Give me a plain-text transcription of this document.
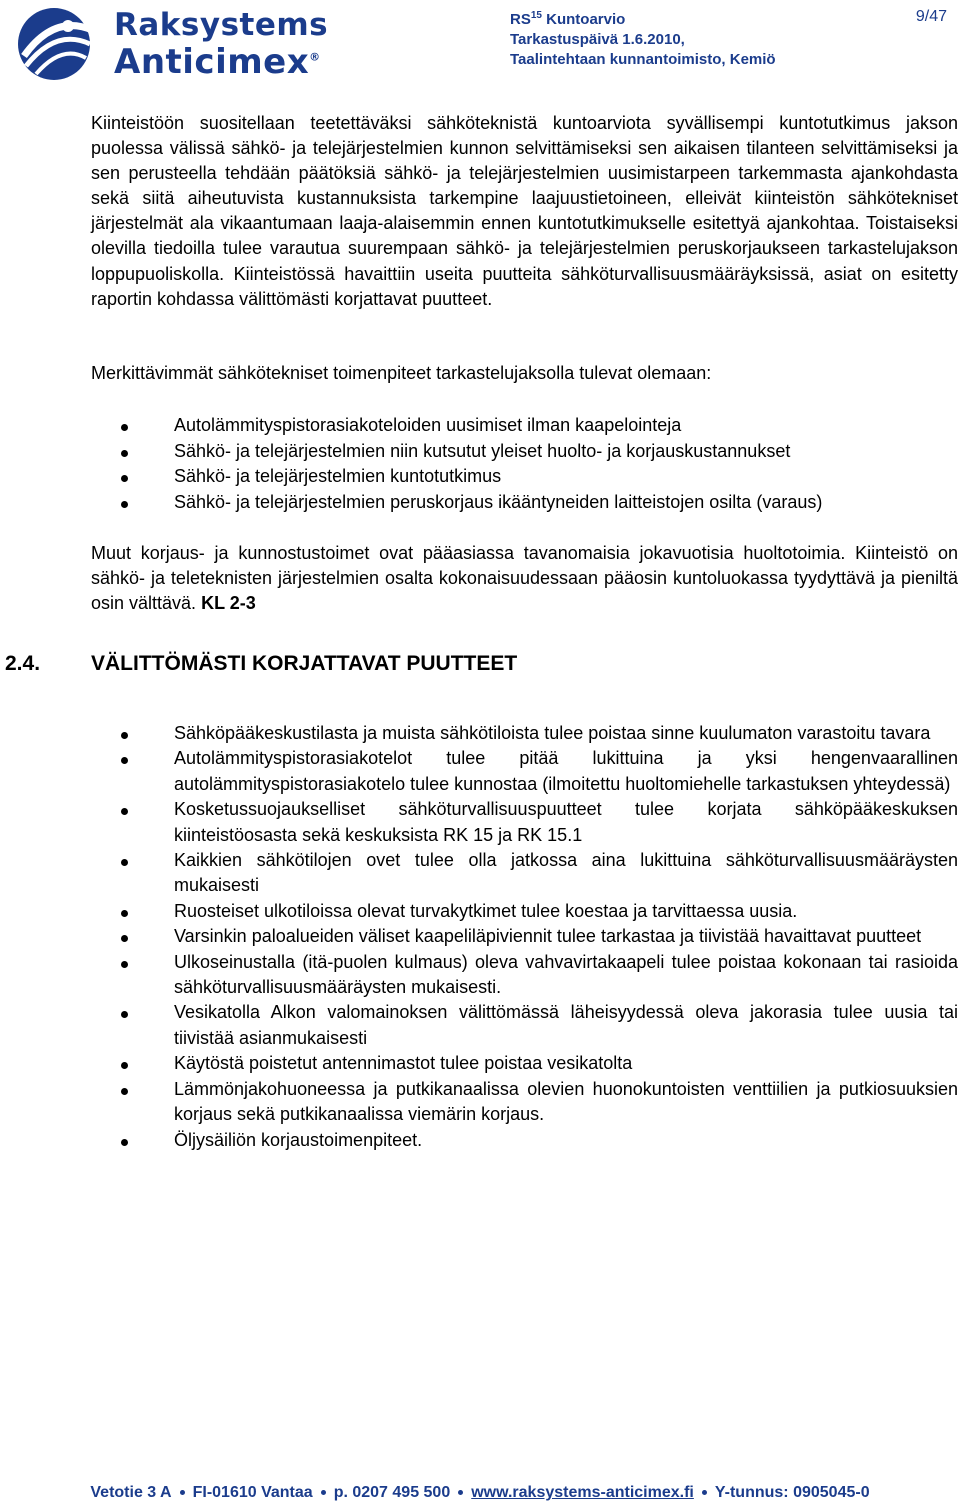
Raksystems
Anticimex®
RS$^{15}$ Kuntoarvio
Tarkastuspäivä 1.6.2010,
Taalintehtaan kunnantoimisto, Kemiö
9/47

Kiinteistöön suositellaan teetettäväksi sähköteknistä kuntoarviota syvällisempi kuntotutkimus jakson puolessa välissä sähkö- ja telejärjestelmien kunnon selvittämiseksi sen aikaisen tilanteen selvittämiseksi ja sen perusteella tehdään päätöksiä sähkö- ja telejärjestelmien uusimistarpeen tarkemmasta ajankohdasta sekä siitä aiheutuvista kustannuksista tarkempine laajuustietoineen, elleivät kiinteistön sähkötekniset järjestelmät ala vikaantumaan laaja-alaisemmin ennen kuntotutkimukselle esitettyä ajankohtaa. Toistaiseksi olevilla tiedoilla tulee varautua suurempaan sähkö- ja telejärjestelmien peruskorjaukseen tarkastelujakson loppupuoliskolla. Kiinteistössä havaittiin useita puutteita sähköturvallisuusmääräyksissä, asiat on esitetty raportin kohdassa välittömästi korjattavat puutteet.

Merkittävimmät sähkötekniset toimenpiteet tarkastelujaksolla tulevat olemaan:

Autolämmityspistorasiakoteloiden uusimiset ilman kaapelointeja
Sähkö- ja telejärjestelmien niin kutsutut yleiset huolto- ja korjauskustannukset
Sähkö- ja telejärjestelmien kuntotutkimus
Sähkö- ja telejärjestelmien peruskorjaus ikääntyneiden laitteistojen osilta (varaus)

Muut korjaus- ja kunnostustoimet ovat pääasiassa tavanomaisia jokavuotisia huoltotoimia. Kiinteistö on sähkö- ja teleteknisten järjestelmien osalta kokonaisuudessaan pääosin kuntoluokassa tyydyttävä ja pieniltä osin välttävä. KL 2-3

2.4. VÄLITTÖMÄSTI KORJATTAVAT PUUTTEET
Sähköpääkeskustilasta ja muista sähkötiloista tulee poistaa sinne kuulumaton varastoitu tavara
Autolämmityspistorasiakotelot tulee pitää lukittuina ja yksi hengenvaarallinen autolämmityspistorasiakotelo tulee kunnostaa (ilmoitettu huoltomiehelle tarkastuksen yhteydessä)
Kosketussuojaukselliset sähköturvallisuuspuutteet tulee korjata sähköpääkeskuksen kiinteistöosasta sekä keskuksista RK 15 ja RK 15.1
Kaikkien sähkötilojen ovet tulee olla jatkossa aina lukittuina sähköturvallisuusmääräysten mukaisesti
Ruosteiset ulkotiloissa olevat turvakytkimet tulee koestaa ja tarvittaessa uusia.
Varsinkin paloalueiden väliset kaapeliläpiviennit tulee tarkastaa ja tiivistää havaittavat puutteet
Ulkoseinustalla (itä-puolen kulmaus) oleva vahvavirtakaapeli tulee poistaa kokonaan tai rasioida sähköturvallisuusmääräysten mukaisesti.
Vesikatolla Alkon valomainoksen välittömässä läheisyydessä oleva jakorasia tulee uusia tai tiivistää asianmukaisesti
Käytöstä poistetut antennimastot tulee poistaa vesikatolta
Lämmönjakohuoneessa ja putkikanaalissa olevien huonokuntoisten venttiilien ja putkiosuuksien korjaus sekä putkikanaalissa viemärin korjaus.
Öljysäiliön korjaustoimenpiteet.
Vetotie 3 A FI-01610 Vantaa p. 0207 495 500 www.raksystems-anticimex.fi Y-tunnus: 0905045-0
